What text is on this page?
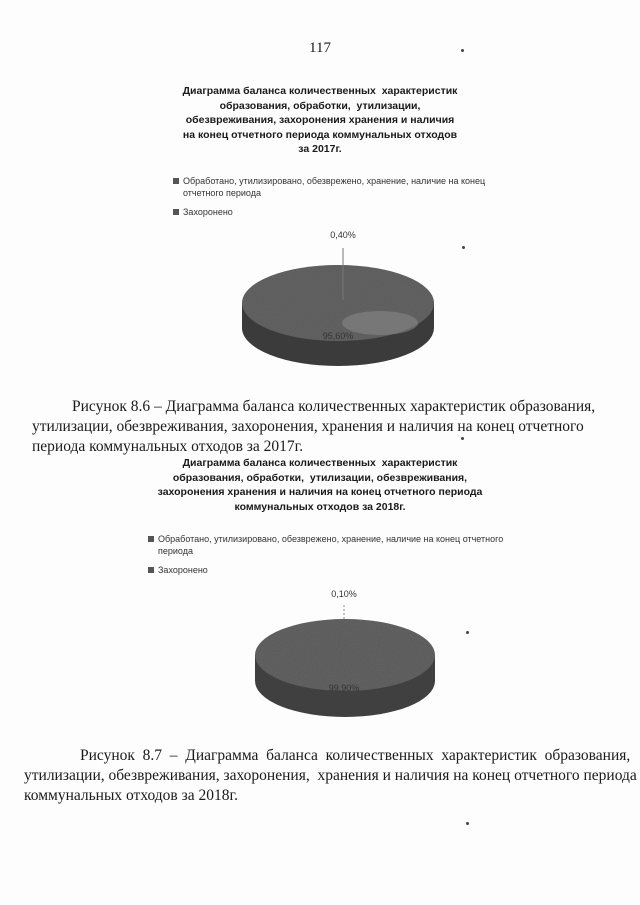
117
Диаграмма баланса количественных  характеристик
образования, обработки,  утилизации,
обезвреживания, захоронения хранения и наличия
на конец отчетного периода коммунальных отходов
за 2017г.
Обработано, утилизировано, обезврежено, хранение, наличие на конец
отчетного периода
Захоронено
0,40%
95,60%
Рисунок 8.6 – Диаграмма баланса количественных характеристик образования,
утилизации, обезвреживания, захоронения, хранения и наличия на конец отчетного
периода коммунальных отходов за 2017г.
Диаграмма баланса количественных  характеристик
образования, обработки,  утилизации, обезвреживания,
захоронения хранения и наличия на конец отчетного периода
коммунальных отходов за 2018г.
Обработано, утилизировано, обезврежено, хранение, наличие на конец отчетного
периода
Захоронено
0,10%
99,90%
Рисунок  8.7  –  Диаграмма  баланса  количественных  характеристик  образования,
утилизации, обезвреживания, захоронения,  хранения и наличия на конец отчетного периода
коммунальных отходов за 2018г.
